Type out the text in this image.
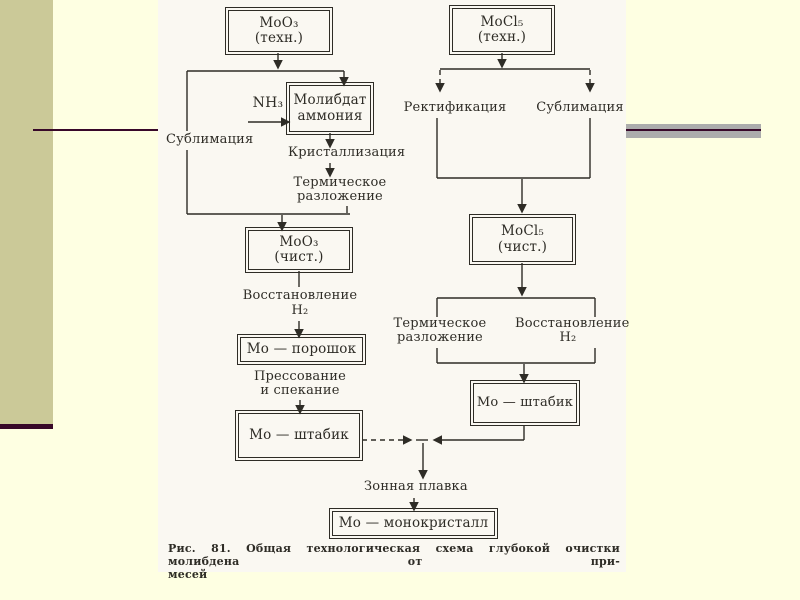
MoO₃
(техн.)
MoCl₅
(техн.)
Молибдат
аммония
MoO₃
(чист.)
MoCl₅
(чист.)
Мо — порошок
Мо — штабик
Мо — штабик
Мо — монокристалл
NH₃
Сублимация
Кристаллизация
Термическое
разложение
Восстановление
H₂
Прессование
и спекание
Ректификация	Сублимация
Термическое
разложение
Восстановление
H₂
Зонная плавка
Рис. 81. Общая технологическая схема глубокой очистки молибдена от при-
месей
